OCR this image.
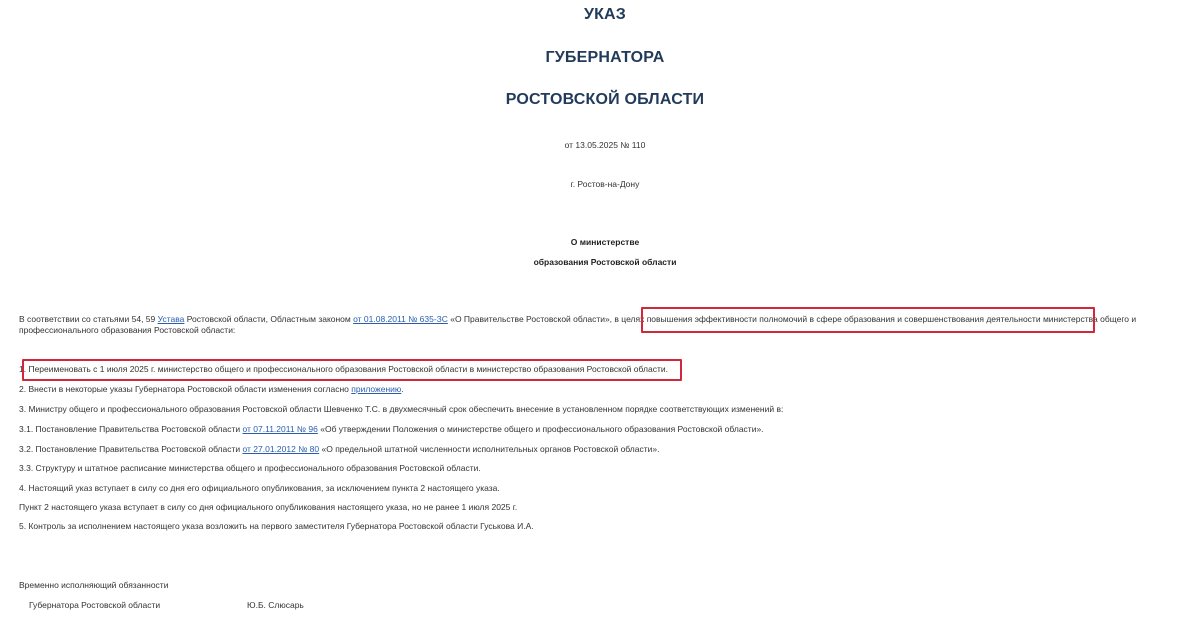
УКАЗ
ГУБЕРНАТОРА
РОСТОВСКОЙ ОБЛАСТИ
от 13.05.2025 № 110
г. Ростов-на-Дону
О министерстве
образования Ростовской области
В соответствии со статьями 54, 59 Устава Ростовской области, Областным законом от 01.08.2011 № 635-ЗС «О Правительстве Ростовской области», в целях повышения эффективности полномочий в сфере образования и совершенствования деятельности министерства общего и профессионального образования Ростовской области:
1. Переименовать с 1 июля 2025 г. министерство общего и профессионального образования Ростовской области в министерство образования Ростовской области.
2. Внести в некоторые указы Губернатора Ростовской области изменения согласно приложению.
3. Министру общего и профессионального образования Ростовской области Шевченко Т.С. в двухмесячный срок обеспечить внесение в установленном порядке соответствующих изменений в:
3.1. Постановление Правительства Ростовской области от 07.11.2011 № 96 «Об утверждении Положения о министерстве общего и профессионального образования Ростовской области».
3.2. Постановление Правительства Ростовской области от 27.01.2012 № 80 «О предельной штатной численности исполнительных органов Ростовской области».
3.3. Структуру и штатное расписание министерства общего и профессионального образования Ростовской области.
4. Настоящий указ вступает в силу со дня его официального опубликования, за исключением пункта 2 настоящего указа.
Пункт 2 настоящего указа вступает в силу со дня официального опубликования настоящего указа, но не ранее 1 июля 2025 г.
5. Контроль за исполнением настоящего указа возложить на первого заместителя Губернатора Ростовской области Гуськова И.А.
Временно исполняющий обязанности
Губернатора Ростовской области	Ю.Б. Слюсарь
